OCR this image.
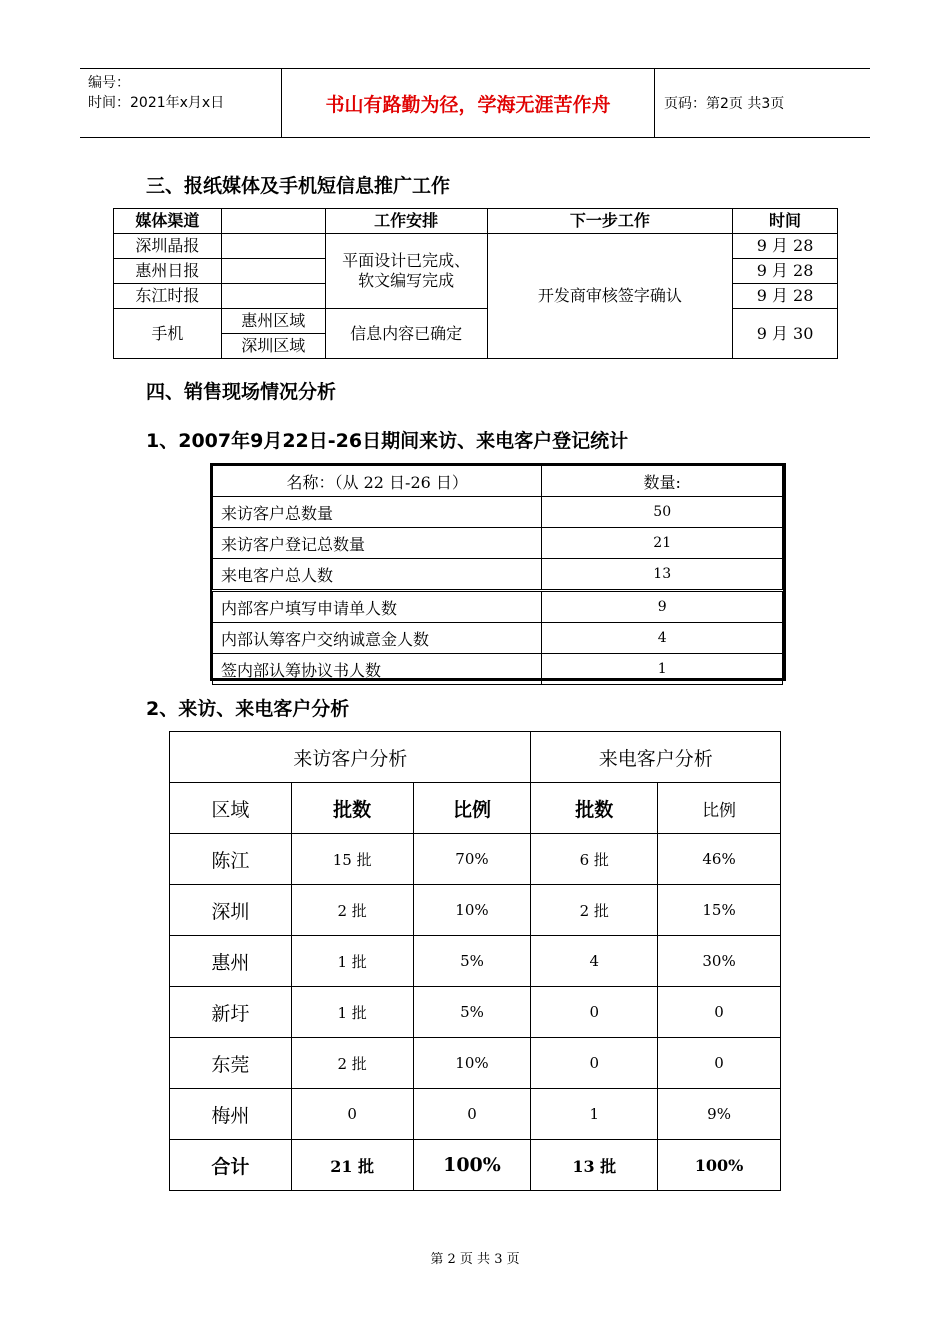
编号：
时间：2021年x月x日	书山有路勤为径，学海无涯苦作舟	页码：第2页 共3页
三、报纸媒体及手机短信息推广工作
媒体渠道		工作安排	下一步工作	时间
深圳晶报		平面设计已完成、软文编写完成	开发商审核签字确认	9 月 28
惠州日报				9 月 28
东江时报				9 月 28
手机	惠州区域	信息内容已确定		9 月 30
	深圳区域			
四、销售现场情况分析
1、2007年9月22日-26日期间来访、来电客户登记统计
名称：（从 22 日-26 日）	数量:
来访客户总数量	50
来访客户登记总数量	21
来电客户总人数	13
内部客户填写申请单人数	9
内部认筹客户交纳诚意金人数	4
签内部认筹协议书人数	1
2、来访、来电客户分析
来访客户分析			来电客户分析	
区域	批数	比例	批数	比例
陈江	15 批	70%	6 批	46%
深圳	2 批	10%	2 批	15%
惠州	1 批	5%	4	30%
新圩	1 批	5%	0	0
东莞	2 批	10%	0	0
梅州	0	0	1	9%
合计	21 批	100%	13 批	100%
第 2 页 共 3 页
